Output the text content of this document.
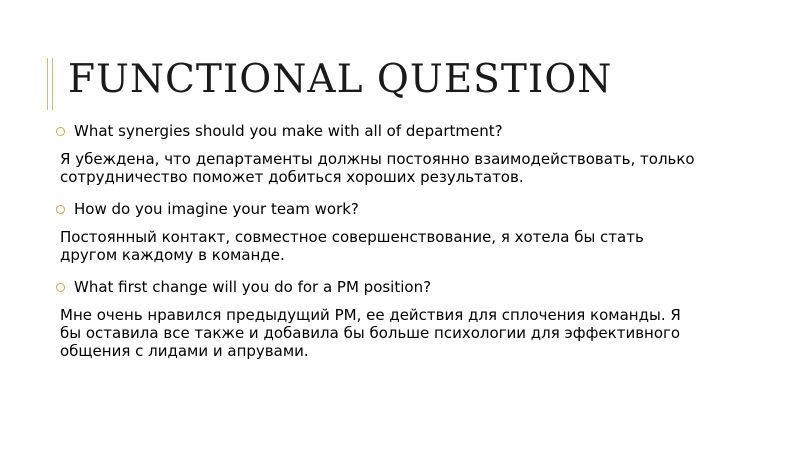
FUNCTIONAL QUESTION
What synergies should you make with all of department?
Я убеждена, что департаменты должны постоянно взаимодействовать, только
сотрудничество поможет добиться хороших результатов.
How do you imagine your team work?
Постоянный контакт, совместное совершенствование, я хотела бы стать
другом каждому в команде.
What first change will you do for a PM position?
Мне очень нравился предыдущий PM, ее действия для сплочения команды. Я
бы оставила все также и добавила бы больше психологии для эффективного
общения с лидами и апрувами.
